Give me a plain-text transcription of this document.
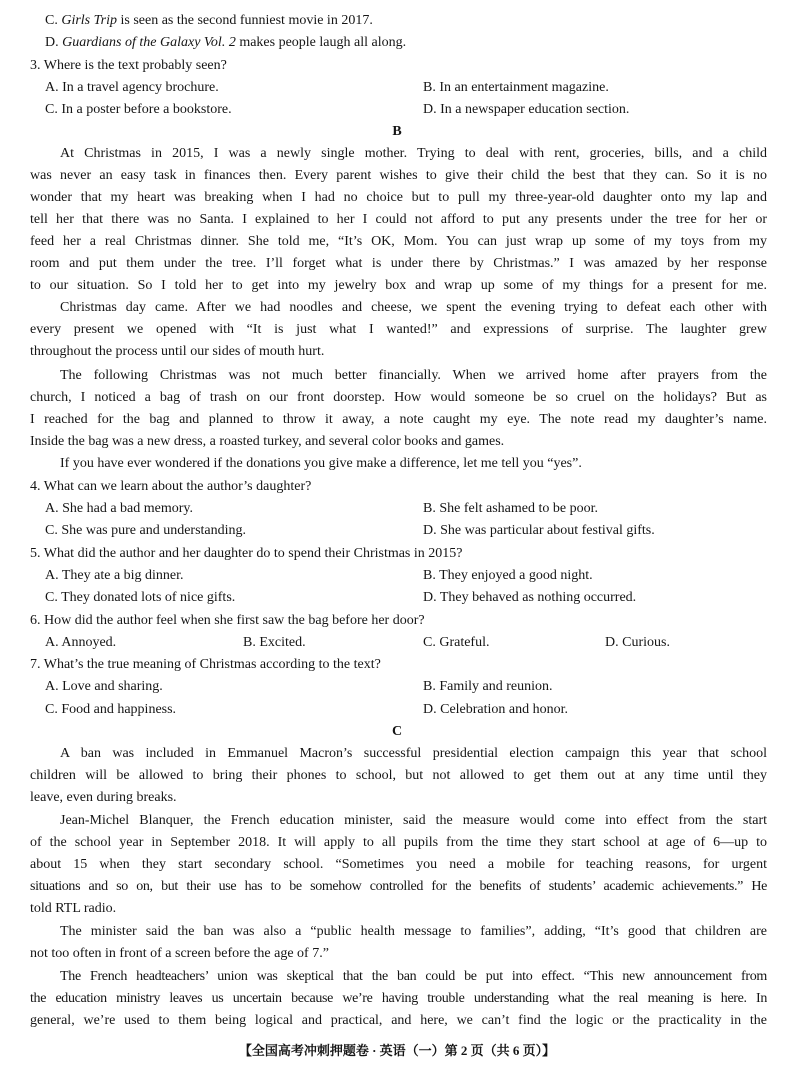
C. Girls Trip is seen as the second funniest movie in 2017.
D. Guardians of the Galaxy Vol. 2 makes people laugh all along.
3. Where is the text probably seen?
A. In a travel agency brochure.	B. In an entertainment magazine.
C. In a poster before a bookstore.	D. In a newspaper education section.
B
At Christmas in 2015, I was a newly single mother. Trying to deal with rent, groceries, bills, and a child
was never an easy task in finances then. Every parent wishes to give their child the best that they can. So it is no
wonder that my heart was breaking when I had no choice but to pull my three-year-old daughter onto my lap and
tell her that there was no Santa. I explained to her I could not afford to put any presents under the tree for her or
feed her a real Christmas dinner. She told me, “It’s OK, Mom. You can just wrap up some of my toys from my
room and put them under the tree. I’ll forget what is under there by Christmas.” I was amazed by her response
to our situation. So I told her to get into my jewelry box and wrap up some of my things for a present for me.
Christmas day came. After we had noodles and cheese, we spent the evening trying to defeat each other with
every present we opened with “It is just what I wanted!” and expressions of surprise. The laughter grew
throughout the process until our sides of mouth hurt.
The following Christmas was not much better financially. When we arrived home after prayers from the
church, I noticed a bag of trash on our front doorstep. How would someone be so cruel on the holidays? But as
I reached for the bag and planned to throw it away, a note caught my eye. The note read my daughter’s name.
Inside the bag was a new dress, a roasted turkey, and several color books and games.
If you have ever wondered if the donations you give make a difference, let me tell you “yes”.
4. What can we learn about the author’s daughter?
A. She had a bad memory.	B. She felt ashamed to be poor.
C. She was pure and understanding.	D. She was particular about festival gifts.
5. What did the author and her daughter do to spend their Christmas in 2015?
A. They ate a big dinner.	B. They enjoyed a good night.
C. They donated lots of nice gifts.	D. They behaved as nothing occurred.
6. How did the author feel when she first saw the bag before her door?
A. Annoyed.	B. Excited.	C. Grateful.	D. Curious.
7. What’s the true meaning of Christmas according to the text?
A. Love and sharing.	B. Family and reunion.
C. Food and happiness.	D. Celebration and honor.
C
A ban was included in Emmanuel Macron’s successful presidential election campaign this year that school
children will be allowed to bring their phones to school, but not allowed to get them out at any time until they
leave, even during breaks.
Jean-Michel Blanquer, the French education minister, said the measure would come into effect from the start
of the school year in September 2018. It will apply to all pupils from the time they start school at age of 6—up to
about 15 when they start secondary school. “Sometimes you need a mobile for teaching reasons, for urgent
situations and so on, but their use has to be somehow controlled for the benefits of students’ academic achievements.” He
told RTL radio.
The minister said the ban was also a “public health message to families”, adding, “It’s good that children are
not too often in front of a screen before the age of 7.”
The French headteachers’ union was skeptical that the ban could be put into effect. “This new announcement from
the education ministry leaves us uncertain because we’re having trouble understanding what the real meaning is here. In
general, we’re used to them being logical and practical, and here, we can’t find the logic or the practicality in the
【全国高考冲刺押题卷 · 英语（一）第 2 页（共 6 页）】
